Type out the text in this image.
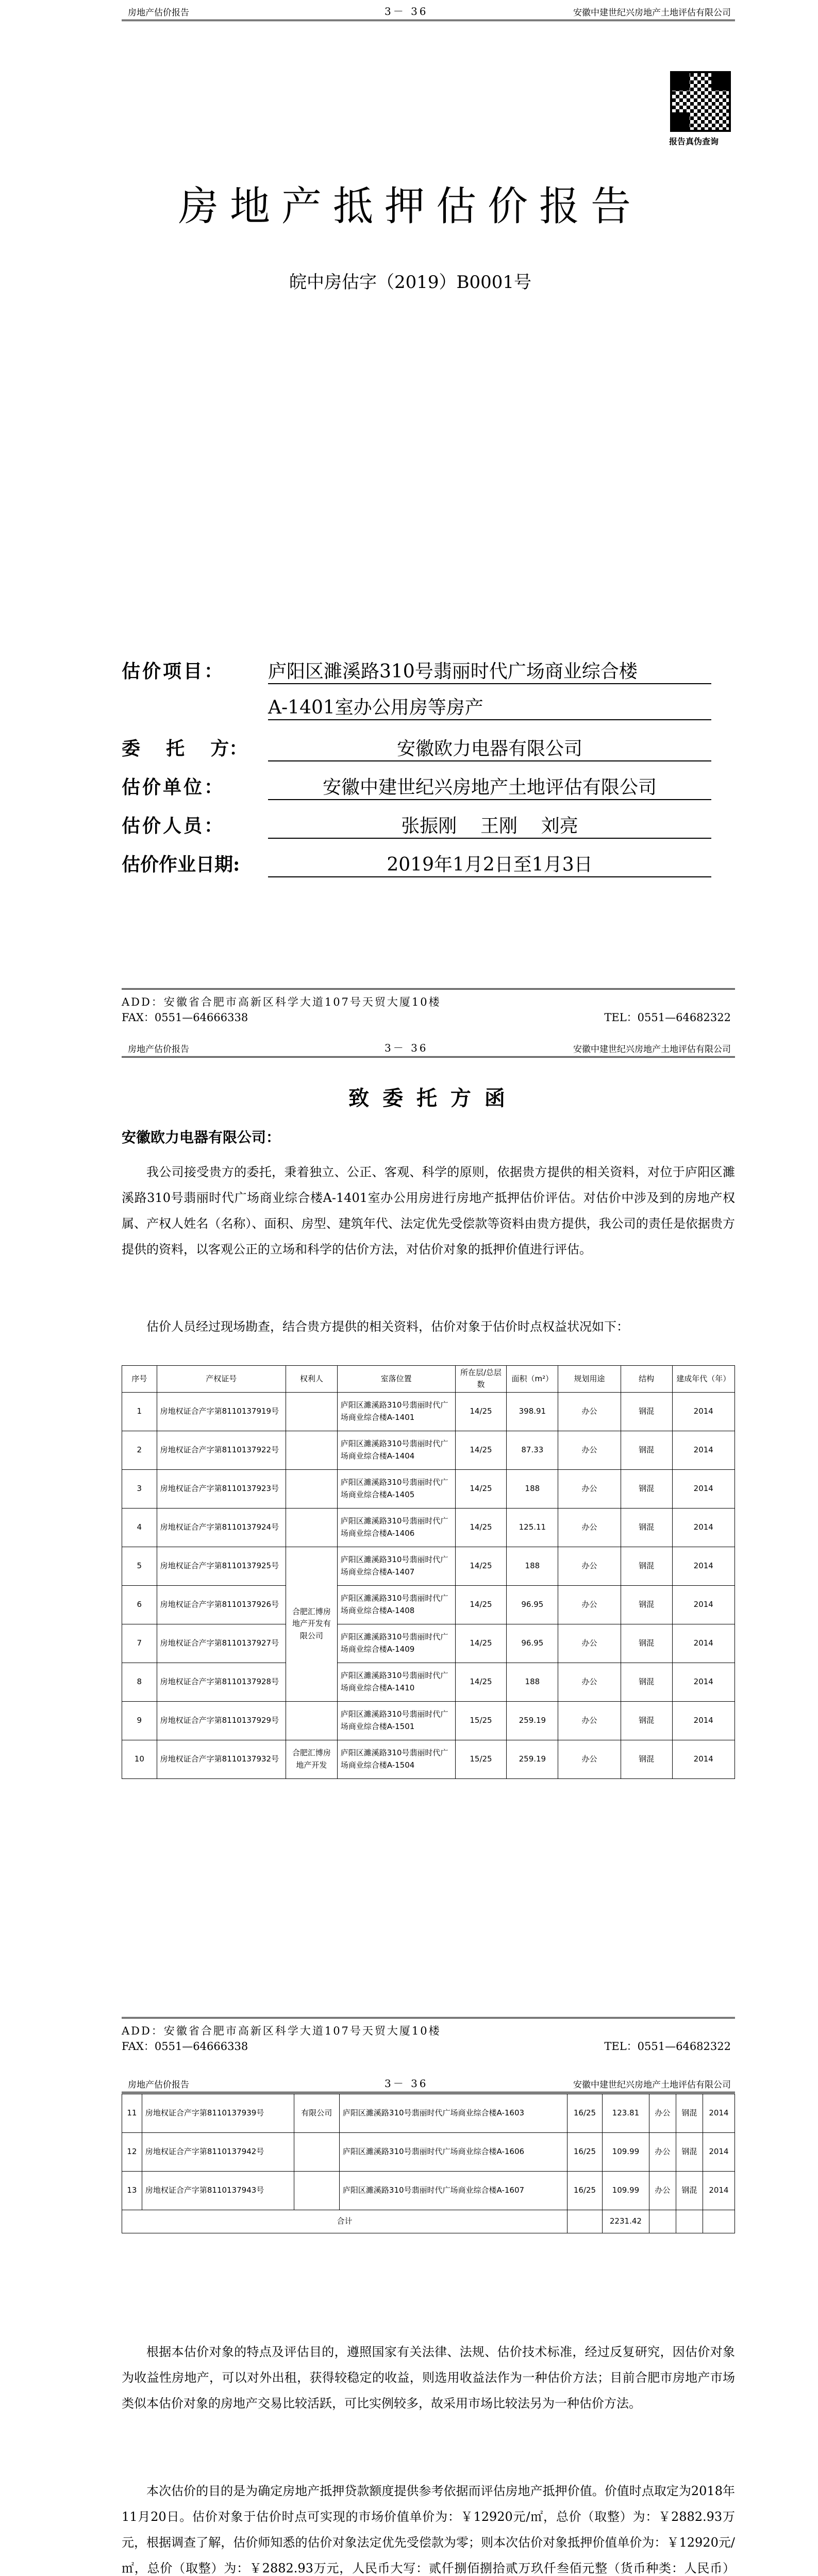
房地产估价报告	3－ 36	安徽中建世纪兴房地产土地评估有限公司
报告真伪查询
房地产抵押估价报告
皖中房估字（2019）B0001号
估价项目： 庐阳区濉溪路310号翡丽时代广场商业综合楼
A-1401室办公用房等房产
委    托    方：	安徽欧力电器有限公司
估价单位：	安徽中建世纪兴房地产土地评估有限公司
估价人员：	张振刚    王刚    刘亮
估价作业日期:	2019年1月2日至1月3日
ADD：安徽省合肥市高新区科学大道107号天贸大厦10楼
FAX：0551—64666338	TEL：0551—64682322
房地产估价报告	3－ 36	安徽中建世纪兴房地产土地评估有限公司
致 委 托 方 函
安徽欧力电器有限公司：
我公司接受贵方的委托，秉着独立、公正、客观、科学的原则，依据贵方提供的相关资料，对位于庐阳区濉溪路310号翡丽时代广场商业综合楼A-1401室办公用房进行房地产抵押估价评估。对估价中涉及到的房地产权属、产权人姓名（名称）、面积、房型、建筑年代、法定优先受偿款等资料由贵方提供，我公司的责任是依据贵方提供的资料，以客观公正的立场和科学的估价方法，对估价对象的抵押价值进行评估。
估价人员经过现场勘查，结合贵方提供的相关资料，估价对象于估价时点权益状况如下：
序号	产权证号	权利人	室落位置	所在层/总层数	面积（m²）	规划用途	结构	建成年代（年）
1	房地权证合产字第8110137919号		庐阳区濉溪路310号翡丽时代广场商业综合楼A-1401	14/25	398.91	办公	钢混	2014
2	房地权证合产字第8110137922号		庐阳区濉溪路310号翡丽时代广场商业综合楼A-1404	14/25	87.33	办公	钢混	2014
3	房地权证合产字第8110137923号		庐阳区濉溪路310号翡丽时代广场商业综合楼A-1405	14/25	188	办公	钢混	2014
4	房地权证合产字第8110137924号		庐阳区濉溪路310号翡丽时代广场商业综合楼A-1406	14/25	125.11	办公	钢混	2014
5	房地权证合产字第8110137925号	合肥汇博房地产开发有限公司	庐阳区濉溪路310号翡丽时代广场商业综合楼A-1407	14/25	188	办公	钢混	2014
6	房地权证合产字第8110137926号		庐阳区濉溪路310号翡丽时代广场商业综合楼A-1408	14/25	96.95	办公	钢混	2014
7	房地权证合产字第8110137927号		庐阳区濉溪路310号翡丽时代广场商业综合楼A-1409	14/25	96.95	办公	钢混	2014
8	房地权证合产字第8110137928号		庐阳区濉溪路310号翡丽时代广场商业综合楼A-1410	14/25	188	办公	钢混	2014
9	房地权证合产字第8110137929号		庐阳区濉溪路310号翡丽时代广场商业综合楼A-1501	15/25	259.19	办公	钢混	2014
10	房地权证合产字第8110137932号	合肥汇博房地产开发	庐阳区濉溪路310号翡丽时代广场商业综合楼A-1504	15/25	259.19	办公	钢混	2014
ADD：安徽省合肥市高新区科学大道107号天贸大厦10楼
FAX：0551—64666338	TEL：0551—64682322
房地产估价报告	3－ 36	安徽中建世纪兴房地产土地评估有限公司
11	房地权证合产字第8110137939号	有限公司	庐阳区濉溪路310号翡丽时代广场商业综合楼A-1603	16/25	123.81	办公	钢混	2014
12	房地权证合产字第8110137942号		庐阳区濉溪路310号翡丽时代广场商业综合楼A-1606	16/25	109.99	办公	钢混	2014
13	房地权证合产字第8110137943号		庐阳区濉溪路310号翡丽时代广场商业综合楼A-1607	16/25	109.99	办公	钢混	2014
合计					2231.42			
根据本估价对象的特点及评估目的，遵照国家有关法律、法规、估价技术标准，经过反复研究，因估价对象为收益性房地产，可以对外出租，获得较稳定的收益，则选用收益法作为一种估价方法；目前合肥市房地产市场类似本估价对象的房地产交易比较活跃，可比实例较多，故采用市场比较法另为一种估价方法。
本次估价的目的是为确定房地产抵押贷款额度提供参考依据而评估房地产抵押价值。价值时点取定为2018年11月20日。估价对象于估价时点可实现的市场价值单价为：￥12920元/㎡，总价（取整）为：￥2882.93万元，根据调查了解，估价师知悉的估价对象法定优先受偿款为零；则本次估价对象抵押价值单价为：￥12920元/㎡，总价（取整）为：￥2882.93万元，人民币大写：贰仟捌佰捌拾贰万玖仟叁佰元整（货币种类：人民币）
